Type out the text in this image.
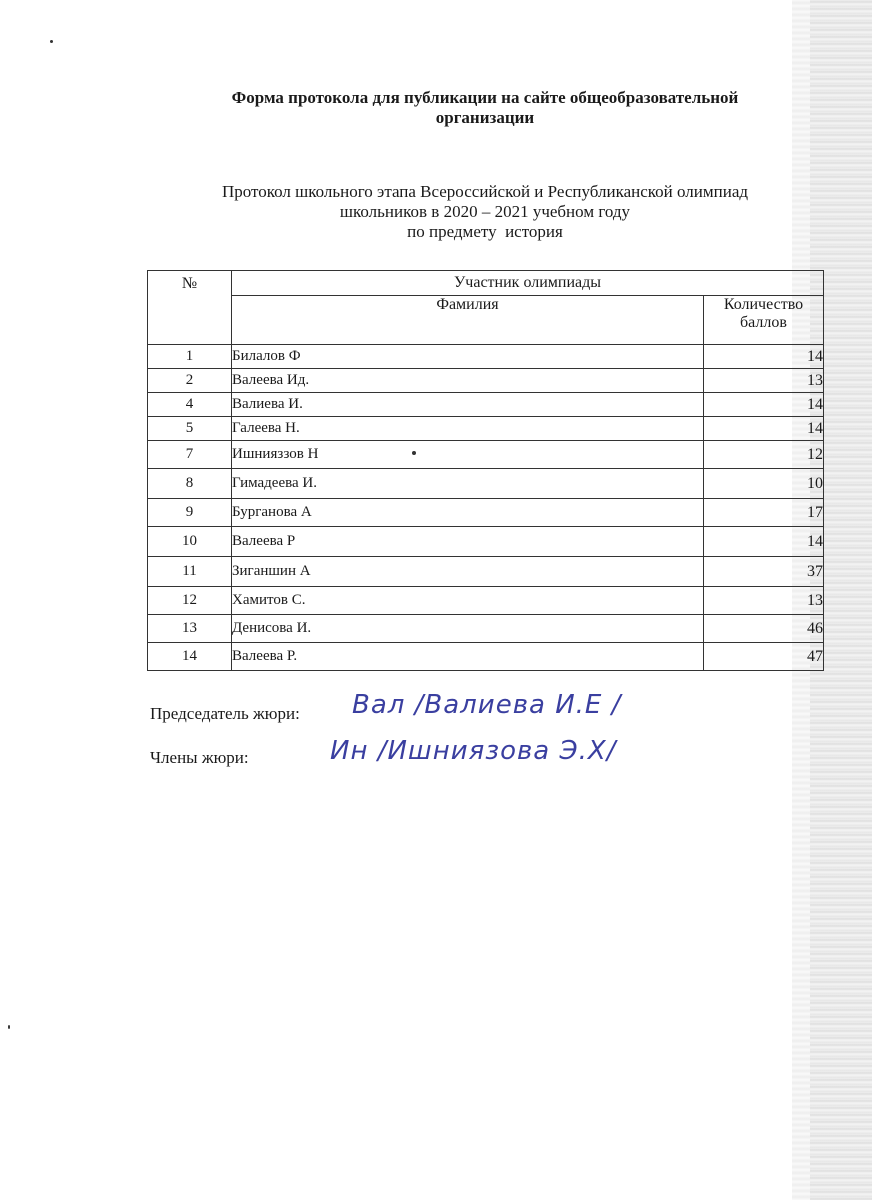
Форма протокола для публикации на сайте общеобразовательной
организации
Протокол школьного этапа Всероссийской и Республиканской олимпиад
школьников в 2020 – 2021 учебном году
по предмету  история
№	Участник олимпиады	
	Фамилия	Количество
баллов

1	Билалов Ф	14
2	Валеева Ид.	13
4	Валиева И.	14
5	Галеева Н.	14
7	Ишнияззов Н	12
8	Гимадеева И.	10
9	Бурганова А	17
10	Валеева Р	14
11	Зиганшин А	37
12	Хамитов С.	13
13	Денисова И.	46
14	Валеева Р.	47
Председатель жюри: Вал /Валиева И.Е /
Члены жюри:	Ин /Ишниязова Э.Х/
